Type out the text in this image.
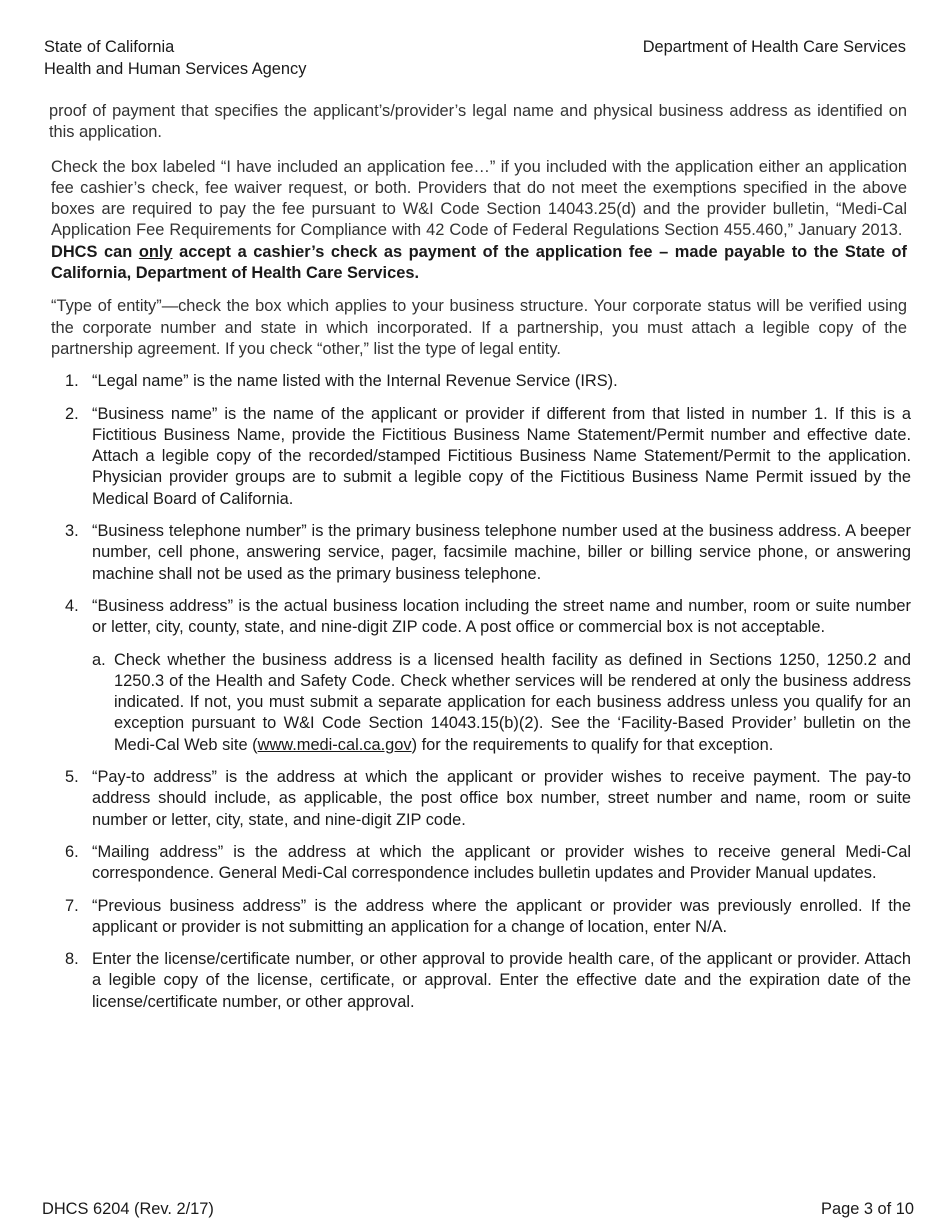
State of California
Health and Human Services Agency
Department of Health Care Services

proof of payment that specifies the applicant’s/provider’s legal name and physical business address as identified on this application.

Check the box labeled “I have included an application fee…” if you included with the application either an application fee cashier’s check, fee waiver request, or both. Providers that do not meet the exemptions specified in the above boxes are required to pay the fee pursuant to W&I Code Section 14043.25(d) and the provider bulletin, “Medi-Cal Application Fee Requirements for Compliance with 42 Code of Federal Regulations Section 455.460,” January 2013.  DHCS can only accept a cashier’s check as payment of the application fee – made payable to the State of California, Department of Health Care Services.

“Type of entity”—check the box which applies to your business structure. Your corporate status will be verified using the corporate number and state in which incorporated. If a partnership, you must attach a legible copy of the partnership agreement. If you check “other,” list the type of legal entity.

1. “Legal name” is the name listed with the Internal Revenue Service (IRS).
2. “Business name” is the name of the applicant or provider if different from that listed in number 1. If this is a Fictitious Business Name, provide the Fictitious Business Name Statement/Permit number and effective date. Attach a legible copy of the recorded/stamped Fictitious Business Name Statement/Permit to the application. Physician provider groups are to submit a legible copy of the Fictitious Business Name Permit issued by the Medical Board of California.
3. “Business telephone number” is the primary business telephone number used at the business address. A beeper number, cell phone, answering service, pager, facsimile machine, biller or billing service phone, or answering machine shall not be used as the primary business telephone.
4. “Business address” is the actual business location including the street name and number, room or suite number or letter, city, county, state, and nine-digit ZIP code. A post office or commercial box is not acceptable.
a. Check whether the business address is a licensed health facility as defined in Sections 1250, 1250.2 and 1250.3 of the Health and Safety Code. Check whether services will be rendered at only the business address indicated. If not, you must submit a separate application for each business address unless you qualify for an exception pursuant to W&I Code Section 14043.15(b)(2). See the ‘Facility-Based Provider’ bulletin on the Medi-Cal Web site (www.medi-cal.ca.gov) for the requirements to qualify for that exception.
5. “Pay-to address” is the address at which the applicant or provider wishes to receive payment. The pay-to address should include, as applicable, the post office box number, street number and name, room or suite number or letter, city, state, and nine-digit ZIP code.
6. “Mailing address” is the address at which the applicant or provider wishes to receive general Medi-Cal correspondence. General Medi-Cal correspondence includes bulletin updates and Provider Manual updates.
7. “Previous business address” is the address where the applicant or provider was previously enrolled. If the applicant or provider is not submitting an application for a change of location, enter N/A.
8. Enter the license/certificate number, or other approval to provide health care, of the applicant or provider. Attach a legible copy of the license, certificate, or approval. Enter the effective date and the expiration date of the license/certificate number, or other approval.
DHCS 6204 (Rev. 2/17)	Page 3 of 10
